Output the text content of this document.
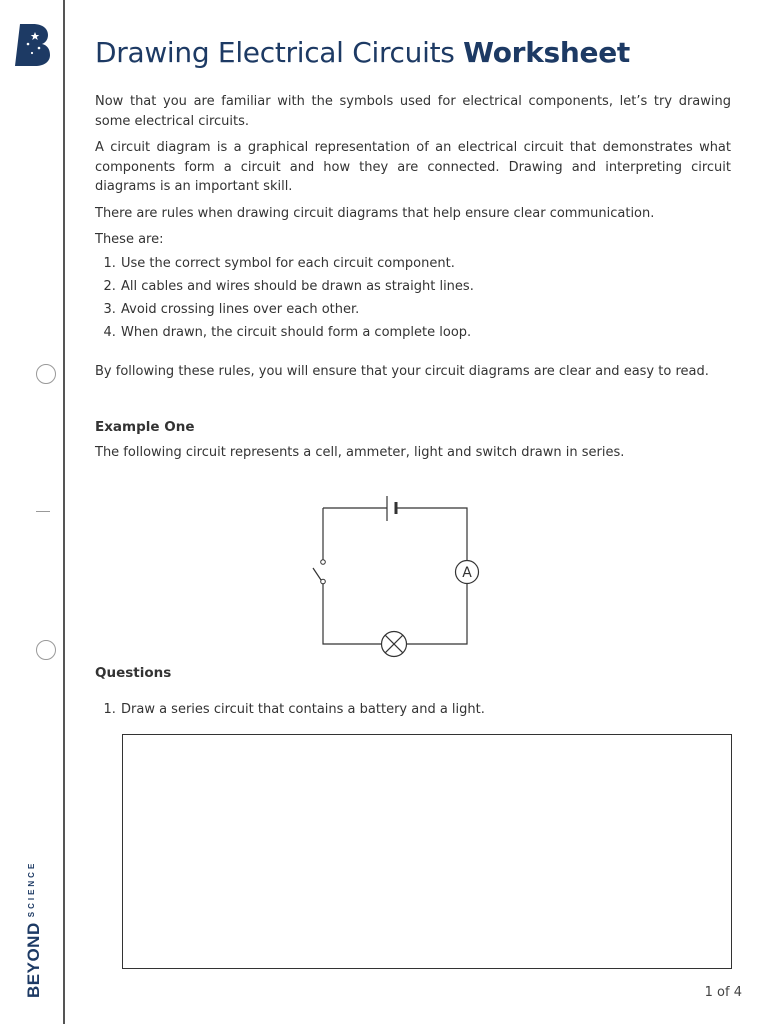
$BEYOND^{SCIENCE}$
Drawing Electrical Circuits Worksheet

Now that you are familiar with the symbols used for electrical components, let’s try drawing some electrical circuits.

A circuit diagram is a graphical representation of an electrical circuit that demonstrates what components form a circuit and how they are connected. Drawing and interpreting circuit diagrams is an important skill.

There are rules when drawing circuit diagrams that help ensure clear communication.

These are:

1. Use the correct symbol for each circuit component.
2. All cables and wires should be drawn as straight lines.
3. Avoid crossing lines over each other.
4. When drawn, the circuit should form a complete loop.

By following these rules, you will ensure that your circuit diagrams are clear and easy to read.

Example One

The following circuit represents a cell, ammeter, light and switch drawn in series.

A
Questions
1. Draw a series circuit that contains a battery and a light.
1 of 4
